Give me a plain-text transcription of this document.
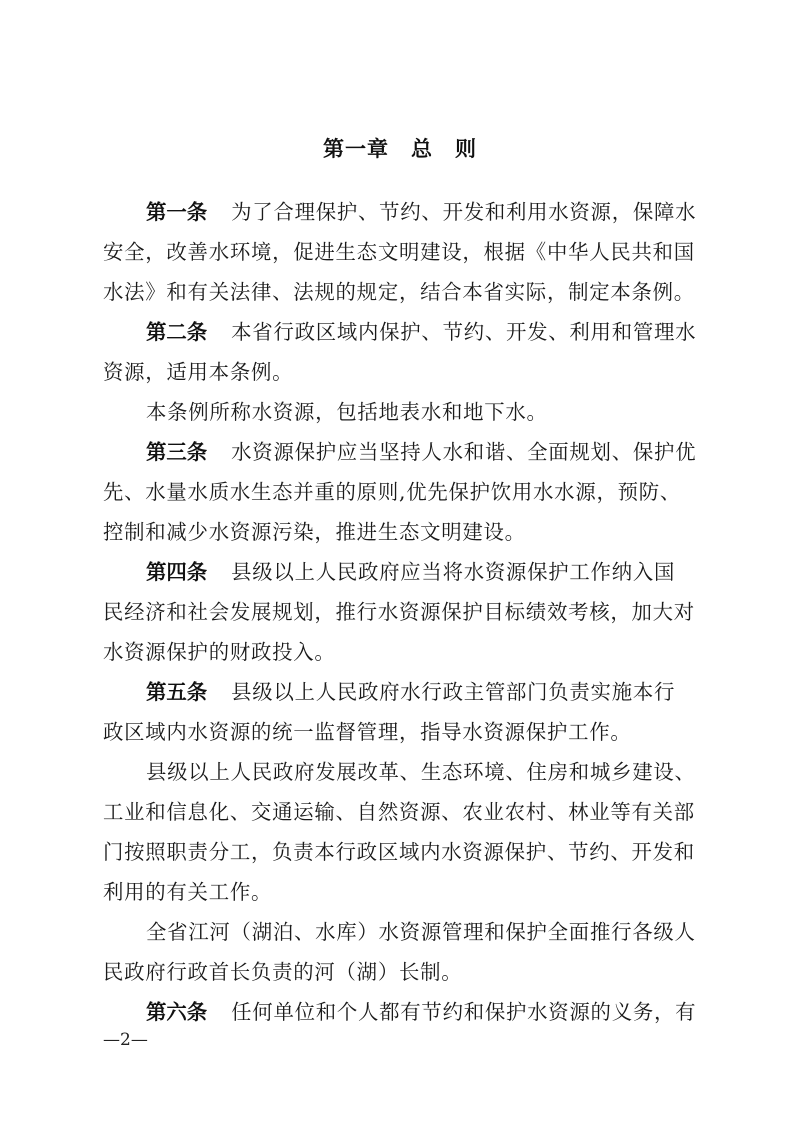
第一章 总　则
第一条 为了合理保护、节约、开发和利用水资源，保障水
安全，改善水环境，促进生态文明建设，根据《中华人民共和国
水法》和有关法律、法规的规定，结合本省实际，制定本条例。
第二条 本省行政区域内保护、节约、开发、利用和管理水
资源，适用本条例。
本条例所称水资源，包括地表水和地下水。
第三条 水资源保护应当坚持人水和谐、全面规划、保护优
先、水量水质水生态并重的原则,优先保护饮用水水源，预防、
控制和减少水资源污染，推进生态文明建设。
第四条 县级以上人民政府应当将水资源保护工作纳入国
民经济和社会发展规划，推行水资源保护目标绩效考核，加大对
水资源保护的财政投入。
第五条 县级以上人民政府水行政主管部门负责实施本行
政区域内水资源的统一监督管理，指导水资源保护工作。
县级以上人民政府发展改革、生态环境、住房和城乡建设、
工业和信息化、交通运输、自然资源、农业农村、林业等有关部
门按照职责分工，负责本行政区域内水资源保护、节约、开发和
利用的有关工作。
全省江河（湖泊、水库）水资源管理和保护全面推行各级人
民政府行政首长负责的河（湖）长制。
第六条 任何单位和个人都有节约和保护水资源的义务，有
—2—
